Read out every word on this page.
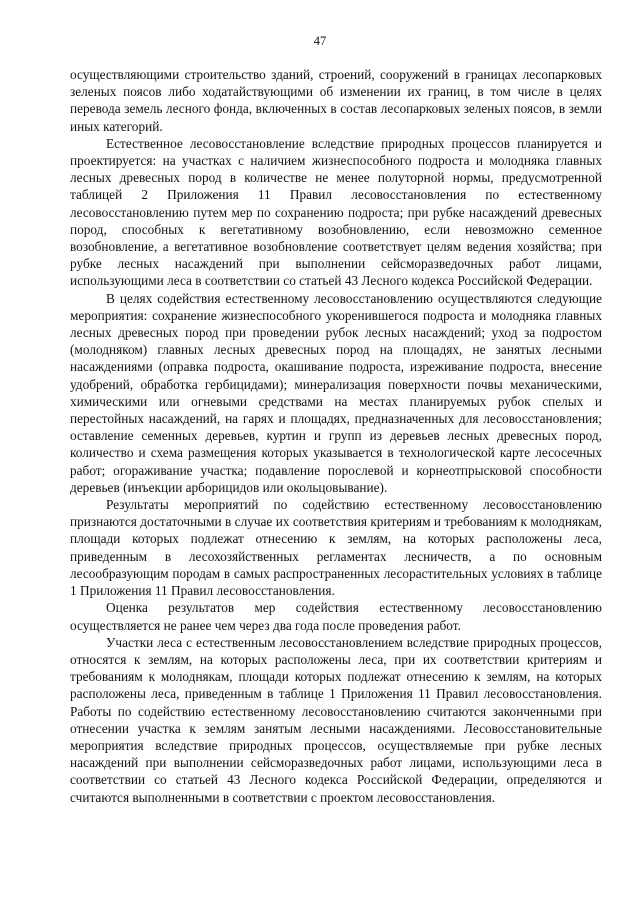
47

осуществляющими строительство зданий, строений, сооружений в границах лесопарковых зеленых поясов либо ходатайствующими об изменении их границ, в том числе в целях перевода земель лесного фонда, включенных в состав лесопарковых зеленых поясов, в земли иных категорий.

Естественное лесовосстановление вследствие природных процессов планируется и проектируется: на участках с наличием жизнеспособного подроста и молодняка главных лесных древесных пород в количестве не менее полуторной нормы, предусмотренной таблицей 2 Приложения 11 Правил лесовосстановления по естественному лесовосстановлению путем мер по сохранению подроста; при рубке насаждений древесных пород, способных к вегетативному возобновлению, если невозможно семенное возобновление, а вегетативное возобновление соответствует целям ведения хозяйства; при рубке лесных насаждений при выполнении сейсморазведочных работ лицами, использующими леса в соответствии со статьей 43 Лесного кодекса Российской Федерации.

В целях содействия естественному лесовосстановлению осуществляются следующие мероприятия: сохранение жизнеспособного укоренившегося подроста и молодняка главных лесных древесных пород при проведении рубок лесных насаждений; уход за подростом (молодняком) главных лесных древесных пород на площадях, не занятых лесными насаждениями (оправка подроста, окашивание подроста, изреживание подроста, внесение удобрений, обработка гербицидами); минерализация поверхности почвы механическими, химическими или огневыми средствами на местах планируемых рубок спелых и перестойных насаждений, на гарях и площадях, предназначенных для лесовосстановления; оставление семенных деревьев, куртин и групп из деревьев лесных древесных пород, количество и схема размещения которых указывается в технологической карте лесосечных работ; огораживание участка; подавление порослевой и корнеотпрысковой способности деревьев (инъекции арборицидов или окольцовывание).

Результаты мероприятий по содействию естественному лесовосстановлению признаются достаточными в случае их соответствия критериям и требованиям к молоднякам, площади которых подлежат отнесению к землям, на которых расположены леса, приведенным в лесохозяйственных регламентах лесничеств, а по основным лесообразующим породам в самых распространенных лесорастительных условиях в таблице 1 Приложения 11 Правил лесовосстановления.

Оценка результатов мер содействия естественному лесовосстановлению осуществляется не ранее чем через два года после проведения работ.

Участки леса с естественным лесовосстановлением вследствие природных процессов, относятся к землям, на которых расположены леса, при их соответствии критериям и требованиям к молоднякам, площади которых подлежат отнесению к землям, на которых расположены леса, приведенным в таблице 1 Приложения 11 Правил лесовосстановления. Работы по содействию естественному лесовосстановлению считаются законченными при отнесении участка к землям занятым лесными насаждениями. Лесовосстановительные мероприятия вследствие природных процессов, осуществляемые при рубке лесных насаждений при выполнении сейсморазведочных работ лицами, использующими леса в соответствии со статьей 43 Лесного кодекса Российской Федерации, определяются и считаются выполненными в соответствии с проектом лесовосстановления.
